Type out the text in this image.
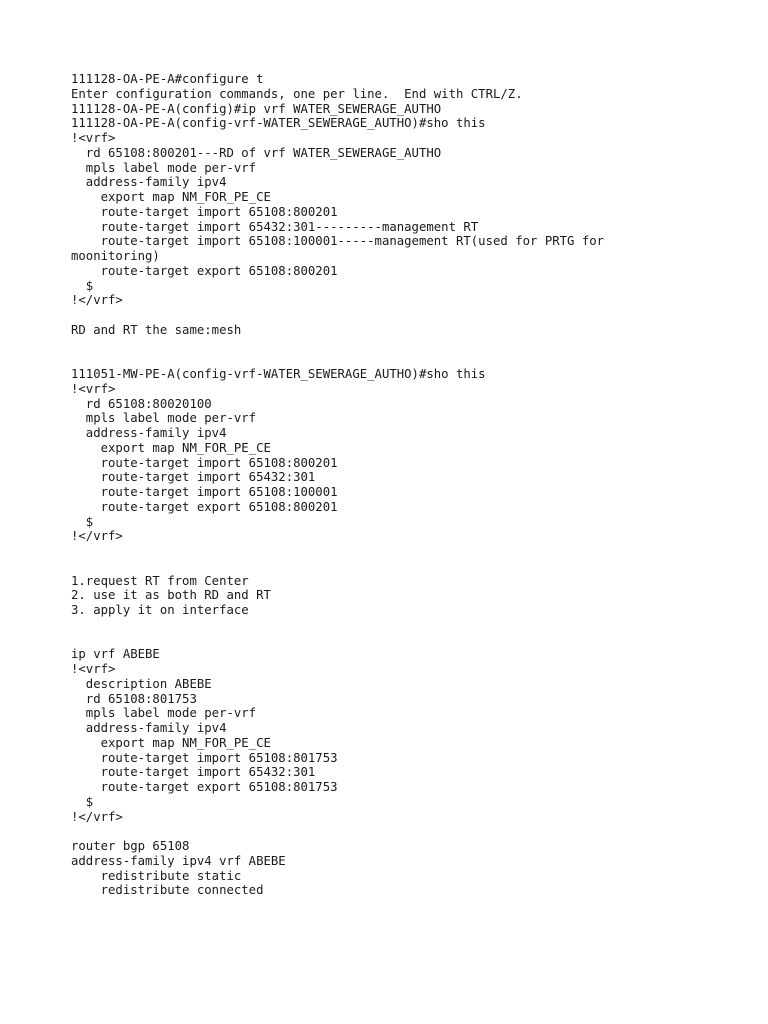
111128-OA-PE-A#configure t
Enter configuration commands, one per line.  End with CTRL/Z.
111128-OA-PE-A(config)#ip vrf WATER_SEWERAGE_AUTHO
111128-OA-PE-A(config-vrf-WATER_SEWERAGE_AUTHO)#sho this
!<vrf>
rd 65108:800201---RD of vrf WATER_SEWERAGE_AUTHO
mpls label mode per-vrf
address-family ipv4
export map NM_FOR_PE_CE
route-target import 65108:800201
route-target import 65432:301---------management RT
route-target import 65108:100001-----management RT(used for PRTG for
moonitoring)
route-target export 65108:800201
$
!</vrf>
RD and RT the same:mesh
111051-MW-PE-A(config-vrf-WATER_SEWERAGE_AUTHO)#sho this
!<vrf>
rd 65108:80020100
mpls label mode per-vrf
address-family ipv4
export map NM_FOR_PE_CE
route-target import 65108:800201
route-target import 65432:301
route-target import 65108:100001
route-target export 65108:800201
$
!</vrf>
1.request RT from Center
2. use it as both RD and RT
3. apply it on interface
ip vrf ABEBE
!<vrf>
description ABEBE
rd 65108:801753
mpls label mode per-vrf
address-family ipv4
export map NM_FOR_PE_CE
route-target import 65108:801753
route-target import 65432:301
route-target export 65108:801753
$
!</vrf>
router bgp 65108
address-family ipv4 vrf ABEBE
redistribute static
redistribute connected
